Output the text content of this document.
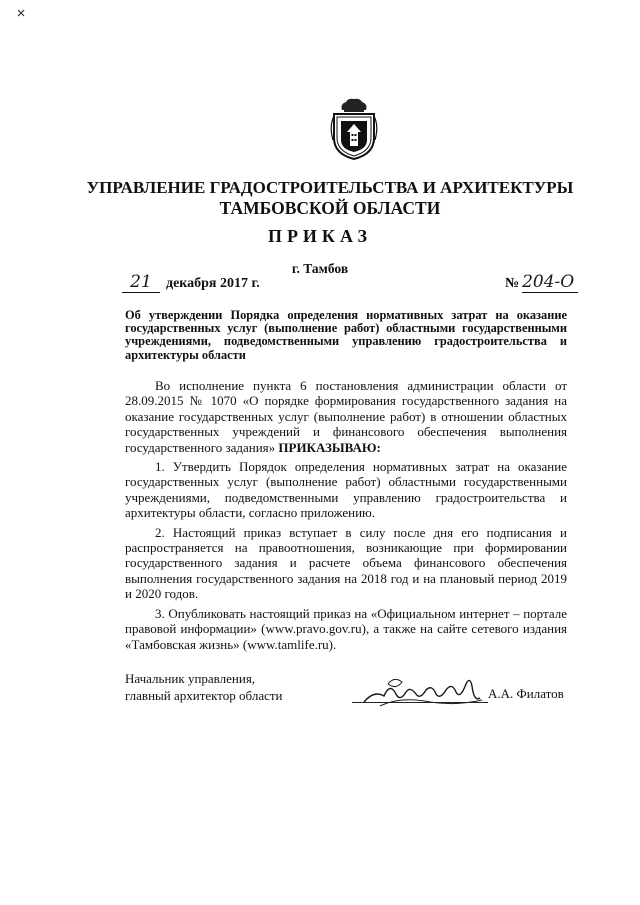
УПРАВЛЕНИЕ ГРАДОСТРОИТЕЛЬСТВА И АРХИТЕКТУРЫ
ТАМБОВСКОЙ ОБЛАСТИ
ПРИКАЗ
г. Тамбов
21 декабря 2017 г.	№ 204-О
Об утверждении Порядка определения нормативных затрат на оказание государственных услуг (выполнение работ) областными государственными учреждениями, подведомственными управлению градостроительства и архитектуры области

Во исполнение пункта 6 постановления администрации области от 28.09.2015 № 1070 «О порядке формирования государственного задания на оказание государственных услуг (выполнение работ) в отношении областных государственных учреждений и финансового обеспечения выполнения государственного задания» ПРИКАЗЫВАЮ:

1. Утвердить Порядок определения нормативных затрат на оказание государственных услуг (выполнение работ) областными государственными учреждениями, подведомственными управлению градостроительства и архитектуры области, согласно приложению.

2. Настоящий приказ вступает в силу после дня его подписания и распространяется на правоотношения, возникающие при формировании государственного задания и расчете объема финансового обеспечения выполнения государственного задания на 2018 год и на плановый период 2019 и 2020 годов.

3. Опубликовать настоящий приказ на «Официальном интернет – портале правовой информации» (www.pravo.gov.ru), а также на сайте сетевого издания «Тамбовская жизнь» (www.tamlife.ru).

Начальник управления,
главный архитектор области	А.А. Филатов
